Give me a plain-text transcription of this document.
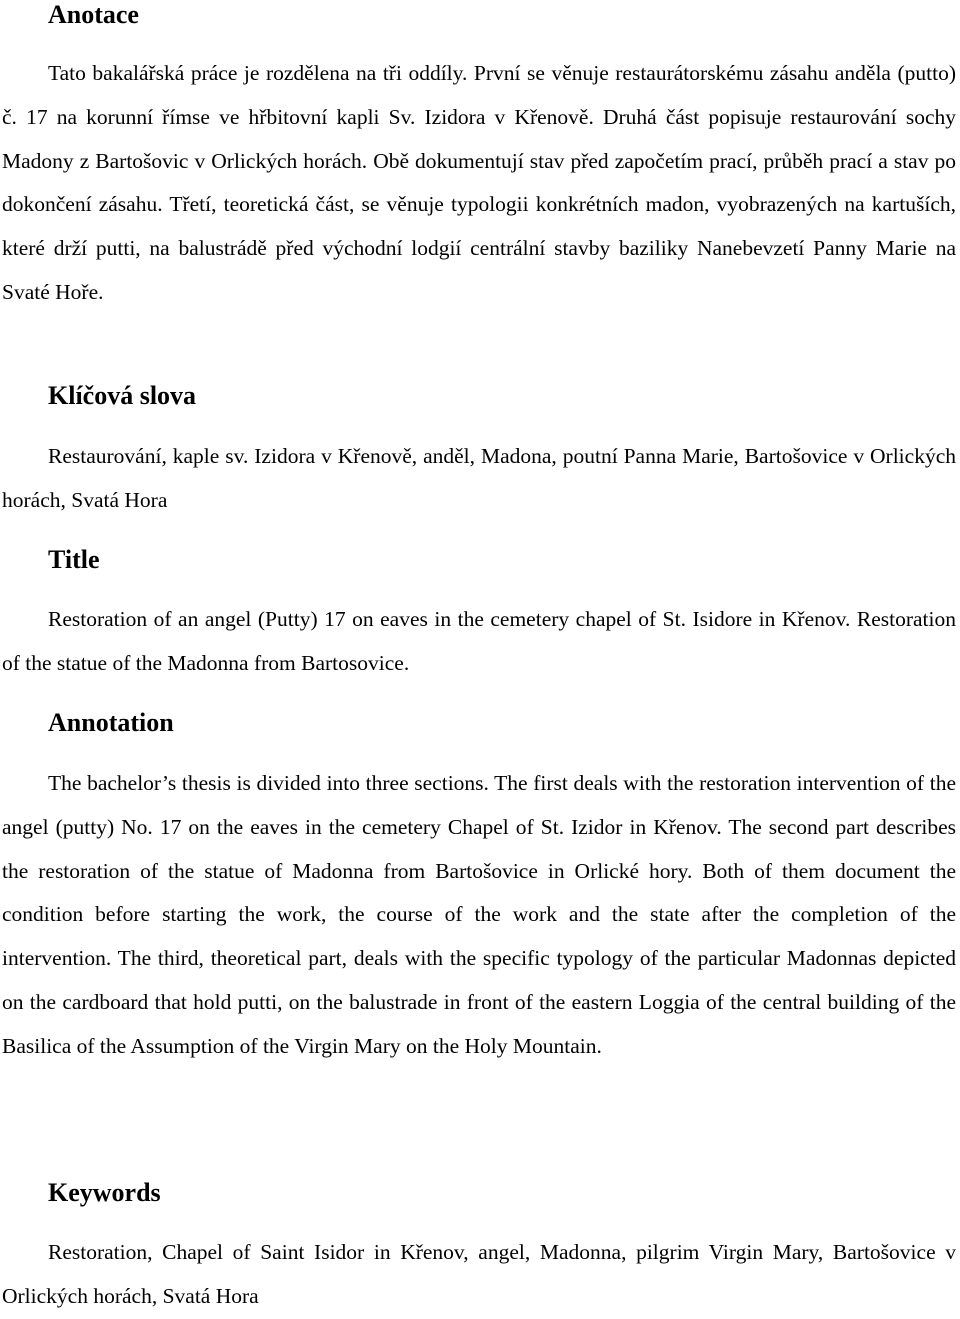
Anotace

Tato bakalářská práce je rozdělena na tři oddíly. První se věnuje restaurátorskému zásahu anděla (putto) č. 17 na korunní římse ve hřbitovní kapli Sv. Izidora v Křenově. Druhá část popisuje restaurování sochy Madony z Bartošovic v Orlických horách. Obě dokumentují stav před započetím prací, průběh prací a stav po dokončení zásahu. Třetí, teoretická část, se věnuje typologii konkrétních madon, vyobrazených na kartuších, které drží putti, na balustrádě před východní lodgií centrální stavby baziliky Nanebevzetí Panny Marie na Svaté Hoře.

Klíčová slova

Restaurování, kaple sv. Izidora v Křenově, anděl, Madona, poutní Panna Marie, Bartošovice v Orlických horách, Svatá Hora

Title

Restoration of an angel (Putty) 17 on eaves in the cemetery chapel of St. Isidore in Křenov. Restoration of the statue of the Madonna from Bartosovice.

Annotation

The bachelor’s thesis is divided into three sections. The first deals with the restoration intervention of the angel (putty) No. 17 on the eaves in the cemetery Chapel of St. Izidor in Křenov. The second part describes the restoration of the statue of Madonna from Bartošovice in Orlické hory. Both of them document the condition before starting the work, the course of the work and the state after the completion of the intervention. The third, theoretical part, deals with the specific typology of the particular Madonnas depicted on the cardboard that hold putti, on the balustrade in front of the eastern Loggia of the central building of the Basilica of the Assumption of the Virgin Mary on the Holy Mountain.

Keywords

Restoration, Chapel of Saint Isidor in Křenov, angel, Madonna, pilgrim Virgin Mary, Bartošovice v Orlických horách, Svatá Hora
